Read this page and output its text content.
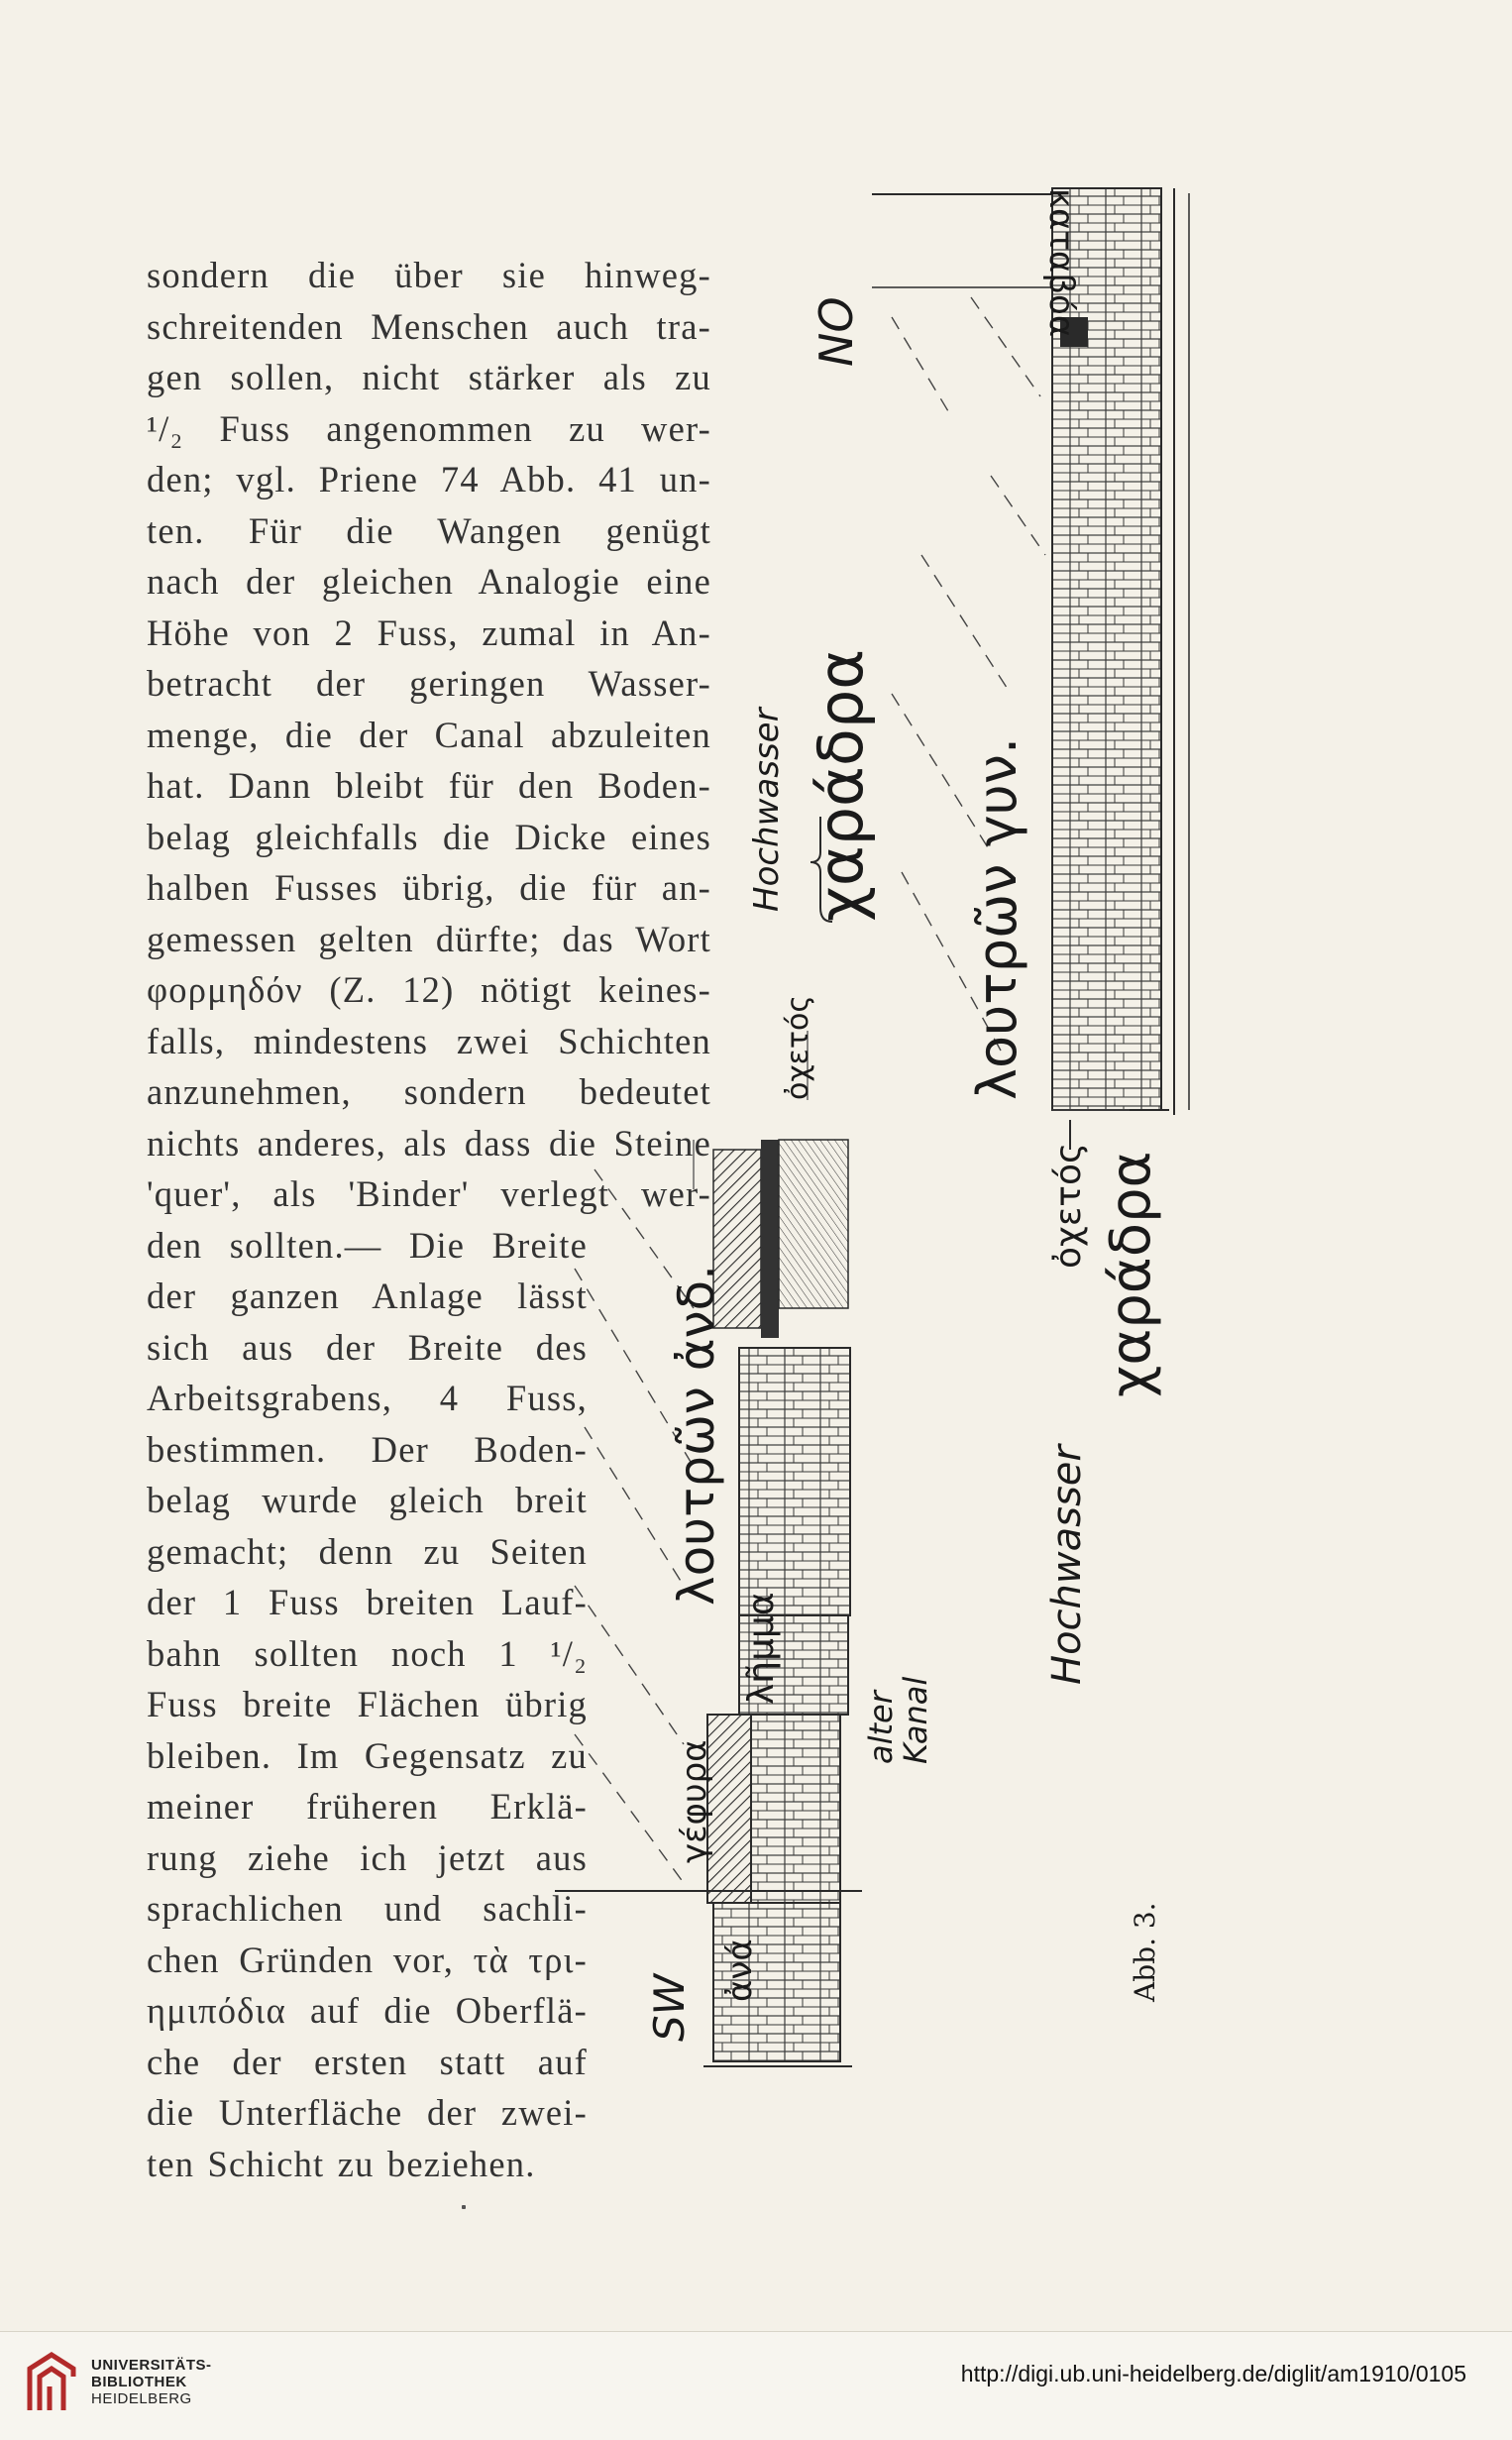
sondern die über sie hinweg-
schreitenden Menschen auch tra-
gen sollen, nicht stärker als zu
¹/₂ Fuss angenommen zu wer-
den; vgl. Priene 74 Abb. 41 un-
ten. Für die Wangen genügt
nach der gleichen Analogie eine
Höhe von 2 Fuss, zumal in An-
betracht der geringen Wasser-
menge, die der Canal abzuleiten
hat. Dann bleibt für den Boden-
belag gleichfalls die Dicke eines
halben Fusses übrig, die für an-
gemessen gelten dürfte; das Wort
φορμηδόν (Z. 12) nötigt keines-
falls, mindestens zwei Schichten
anzunehmen, sondern bedeutet
nichts anderes, als dass die Steine
'quer', als 'Binder' verlegt wer-
den sollten.— Die Breite
der ganzen Anlage lässt
sich aus der Breite des
Arbeitsgrabens, 4 Fuss,
bestimmen. Der Boden-
belag wurde gleich breit
gemacht; denn zu Seiten
der 1 Fuss breiten Lauf-
bahn sollten noch 1 ¹/₂
Fuss breite Flächen übrig
bleiben. Im Gegensatz zu
meiner früheren Erklä-
rung ziehe ich jetzt aus
sprachlichen und sachli-
chen Gründen vor, τὰ τρι-
ημιπόδια auf die Oberflä-
che der ersten statt auf
die Unterfläche der zwei-
ten Schicht zu beziehen.
SW
NO
ἀνά
γέφυρα
λῆμμα
alter
Kanal
λουτρῶν ἀνδ.
Hochwasser χαράδρα
ὀχετός	λουτρῶν γυν.
καταβόα
Hochwasser
ὀχετός χαράδρα
Abb. 3.
UNIVERSITÄTS-
BIBLIOTHEK
HEIDELBERG
http://digi.ub.uni-heidelberg.de/diglit/am1910/0105
